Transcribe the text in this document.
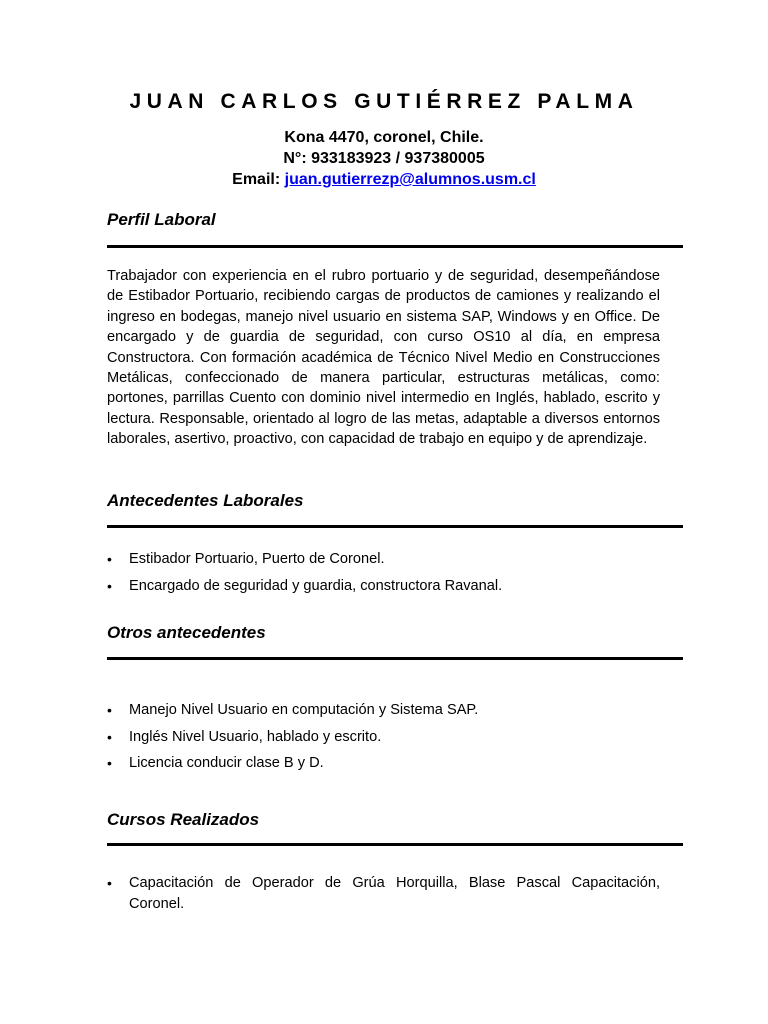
JUAN CARLOS GUTIÉRREZ PALMA
Kona 4470, coronel, Chile.
N°: 933183923 / 937380005
Email: juan.gutierrezp@alumnos.usm.cl
Perfil Laboral

Trabajador con experiencia en el rubro portuario y de seguridad, desempeñándose de Estibador Portuario, recibiendo cargas de productos de camiones y realizando el ingreso en bodegas, manejo nivel usuario en sistema SAP, Windows y en Office. De encargado y de guardia de seguridad, con curso OS10 al día, en empresa Constructora. Con formación académica de Técnico Nivel Medio en Construcciones Metálicas, confeccionado de manera particular, estructuras metálicas, como: portones, parrillas Cuento con dominio nivel intermedio en Inglés, hablado, escrito y lectura. Responsable, orientado al logro de las metas, adaptable a diversos entornos laborales, asertivo, proactivo, con capacidad de trabajo en equipo y de aprendizaje.

Antecedentes Laborales
• Estibador Portuario, Puerto de Coronel.
• Encargado de seguridad y guardia, constructora Ravanal.
Otros antecedentes
• Manejo Nivel Usuario en computación y Sistema SAP.
• Inglés Nivel Usuario, hablado y escrito.
• Licencia conducir clase B y D.
Cursos Realizados
• Capacitación de Operador de Grúa Horquilla, Blase Pascal Capacitación, Coronel.
